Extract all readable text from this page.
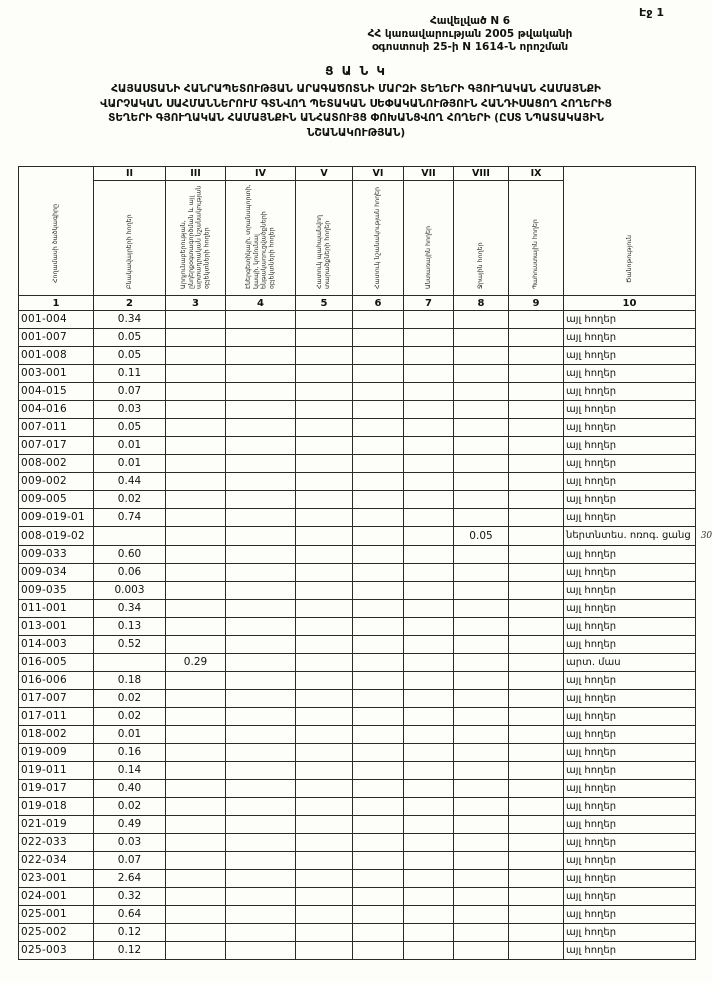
Էջ 1
Հավելված N 6
ՀՀ կառավարության 2005 թվականի
օգոստոսի 25-ի N 1614-Ն որոշման
Ց Ա Ն Կ
ՀԱՅԱՍՏԱՆԻ ՀԱՆՐԱՊԵՏՈՒԹՅԱՆ ԱՐԱԳԱԾՈՏՆԻ ՄԱՐԶԻ ՏԵՂԵՐԻ ԳՅՈՒՂԱԿԱՆ ՀԱՄԱՅՆՔԻ
ՎԱՐՉԱԿԱՆ ՍԱՀՄԱՆՆԵՐՈՒՄ ԳՏՆՎՈՂ ՊԵՏԱԿԱՆ ՍԵՓԱԿԱՆՈՒԹՅՈՒՆ ՀԱՆԴԻՍԱՑՈՂ ՀՈՂԵՐԻՑ
ՏԵՂԵՐԻ ԳՅՈՒՂԱԿԱՆ ՀԱՄԱՅՆՔԻՆ ԱՆՀԱՏՈՒՅՑ ՓՈԽԱՆՑՎՈՂ ՀՈՂԵՐԻ (ԸՍՏ ՆՊԱՏԱԿԱՅԻՆ
ՆՇԱՆԱԿՈՒԹՅԱՆ)
Հողամասի ծածկագիրը	II	III	IV	V	VI	VII	VIII	IX	Ծանոթություն
	Բնակավայրերի հողեր	Արդյունաբերության, ընդերքօգտագործման և այլ արտադրական նշանակության օբյեկտների հողեր	Էներգետիկայի, տրանսպորտի, կապի, կոմունալ ենթակառուցվածքների օբյեկտների հողեր	Հատուկ պահպանվող տարածքների հողեր	Հատուկ նշանակության հողեր	Անտառային հողեր	Ջրային հողեր	Պահուստային հողեր	
1	2	3	4	5	6	7	8	9	10
001-004	0.34								այլ հողեր
001-007	0.05								այլ հողեր
001-008	0.05								այլ հողեր
003-001	0.11								այլ հողեր
004-015	0.07								այլ հողեր
004-016	0.03								այլ հողեր
007-011	0.05								այլ հողեր
007-017	0.01								այլ հողեր
008-002	0.01								այլ հողեր
009-002	0.44								այլ հողեր
009-005	0.02								այլ հողեր
009-019-01	0.74								այլ հողեր
008-019-02							0.05		ներտնտես. ոռոգ. ցանց 30
009-033	0.60								այլ հողեր
009-034	0.06								այլ հողեր
009-035	0.003								այլ հողեր
011-001	0.34								այլ հողեր
013-001	0.13								այլ հողեր
014-003	0.52								այլ հողեր
016-005		0.29							արտ. մաս
016-006	0.18								այլ հողեր
017-007	0.02								այլ հողեր
017-011	0.02								այլ հողեր
018-002	0.01								այլ հողեր
019-009	0.16								այլ հողեր
019-011	0.14								այլ հողեր
019-017	0.40								այլ հողեր
019-018	0.02								այլ հողեր
021-019	0.49								այլ հողեր
022-033	0.03								այլ հողեր
022-034	0.07								այլ հողեր
023-001	2.64								այլ հողեր
024-001	0.32								այլ հողեր
025-001	0.64								այլ հողեր
025-002	0.12								այլ հողեր
025-003	0.12								այլ հողեր
